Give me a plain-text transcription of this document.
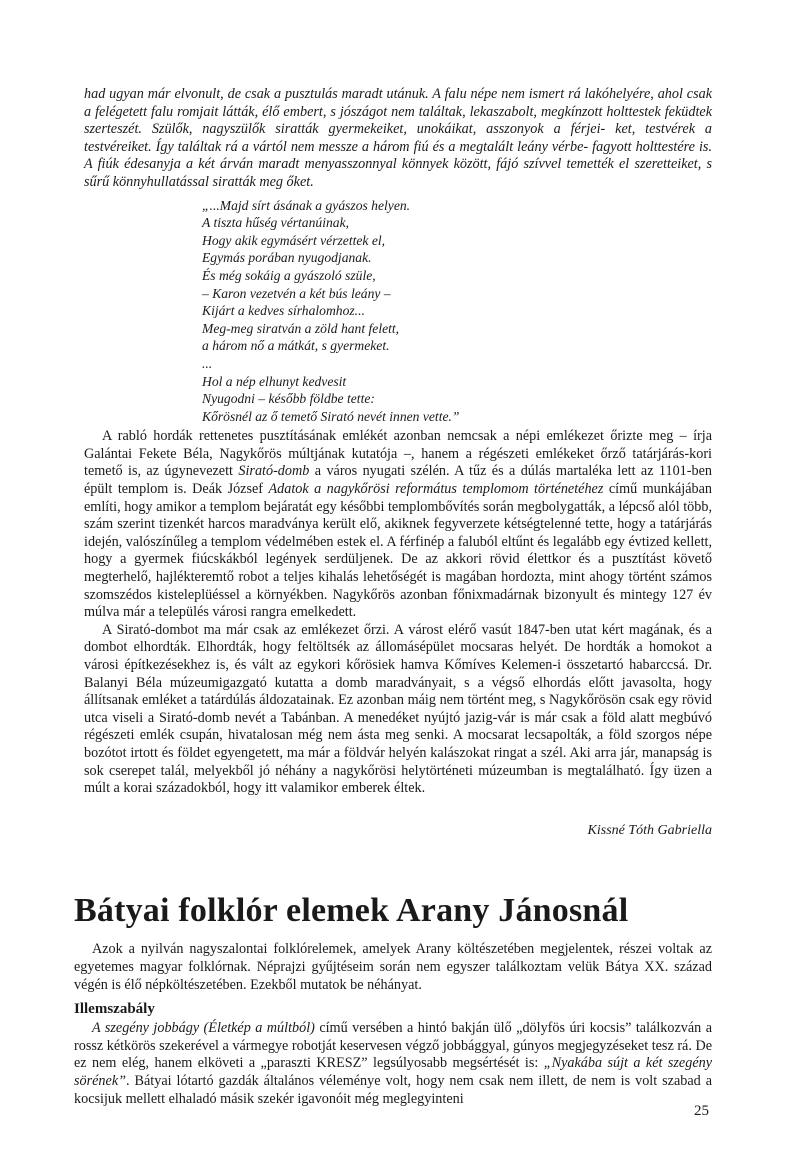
had ugyan már elvonult, de csak a pusztulás maradt utánuk. A falu népe nem ismert rá lakóhelyére, ahol csak a felégetett falu romjait látták, élő embert, s jószágot nem találtak, lekaszabolt, megkínzott holttestek feküdtek szerteszét. Szülők, nagyszülők siratták gyermekeiket, unokáikat, asszonyok a férjei- ket, testvérek a testvéreiket. Így találtak rá a vártól nem messze a három fiú és a megtalált leány vérbe- fagyott holttestére is. A fiúk édesanyja a két árván maradt menyasszonnyal könnyek között, fájó szívvel temették el szeretteiket, s sűrű könnyhullatással siratták meg őket.

„...Majd sírt ásának a gyászos helyen.
A tiszta hűség vértanúinak,
Hogy akik egymásért vérzettek el,
Egymás porában nyugodjanak.
És még sokáig a gyászoló szüle,
– Karon vezetvén a két bús leány –
Kijárt a kedves sírhalomhoz...
Meg-meg siratván a zöld hant felett,
a három nő a mátkát, s gyermeket.
...
Hol a nép elhunyt kedvesit
Nyugodni – később földbe tette:
Kőrösnél az ő temető Sirató nevét innen vette.”

A rabló hordák rettenetes pusztításának emlékét azonban nemcsak a népi emlékezet őrizte meg – írja Galántai Fekete Béla, Nagykőrös múltjának kutatója –, hanem a régészeti emlékeket őrző tatárjárás-kori temető is, az úgynevezett Sirató-domb a város nyugati szélén. A tűz és a dúlás martaléka lett az 1101-ben épült templom is. Deák József Adatok a nagykőrösi református templomom történetéhez című munkájában említi, hogy amikor a templom bejáratát egy későbbi templombővítés során megbolygatták, a lépcső alól több, szám szerint tizenkét harcos maradványa került elő, akiknek fegyverzete kétségtelenné tette, hogy a tatárjárás idején, valószínűleg a templom védelmében estek el. A férfinép a faluból eltűnt és legalább egy évtized kellett, hogy a gyermek fiúcskákból legények serdüljenek. De az akkori rövid élettkor és a pusztítást követő megterhelő, hajlékteremtő robot a teljes kihalás lehetőségét is magában hordozta, mint ahogy történt számos szomszédos kisteleplüéssel a környékben. Nagykőrös azonban főnixmadárnak bizonyult és mintegy 127 év múlva már a település városi rangra emelkedett.

A Sirató-dombot ma már csak az emlékezet őrzi. A várost elérő vasút 1847-ben utat kért magának, és a dombot elhordták. Elhordták, hogy feltöltsék az állomásépület mocsaras helyét. De hordták a homokot a városi építkezésekhez is, és vált az egykori kőrösiek hamva Kőmíves Kelemen-i összetartó habarccsá. Dr. Balanyi Béla múzeumigazgató kutatta a domb maradványait, s a végső elhordás előtt javasolta, hogy állítsanak emléket a tatárdúlás áldozatainak. Ez azonban máig nem történt meg, s Nagykőrösön csak egy rövid utca viseli a Sirató-domb nevét a Tabánban. A menedéket nyújtó jazig-vár is már csak a föld alatt megbúvó régészeti emlék csupán, hivatalosan még nem ásta meg senki. A mocsarat lecsapolták, a föld szorgos népe bozótot irtott és földet egyengetett, ma már a földvár helyén kalászokat ringat a szél. Aki arra jár, manapság is sok cserepet talál, melyekből jó néhány a nagykőrösi helytörténeti múzeumban is megtalálható. Így üzen a múlt a korai századokból, hogy itt valamikor emberek éltek.

Kissné Tóth Gabriella

Bátyai folklór elemek Arany Jánosnál

Azok a nyilván nagyszalontai folklórelemek, amelyek Arany költészetében megjelentek, részei voltak az egyetemes magyar folklórnak. Néprajzi gyűjtéseim során nem egyszer találkoztam velük Bátya XX. század végén is élő népköltészetében. Ezekből mutatok be néhányat.

Illemszabály

A szegény jobbágy (Életkép a múltból) című versében a hintó bakján ülő „dölyfös úri kocsis” találkozván a rossz kétkörös szekerével a vármegye robotját keservesen végző jobbággyal, gúnyos megjegyzéseket tesz rá. De ez nem elég, hanem elköveti a „paraszti KRESZ” legsúlyosabb megsértését is: „Nyakába sújt a két szegény sörének”. Bátyai lótartó gazdák általános véleménye volt, hogy nem csak nem illett, de nem is volt szabad a kocsijuk mellett elhaladó másik szekér igavonóit még meglegyinteni

25
